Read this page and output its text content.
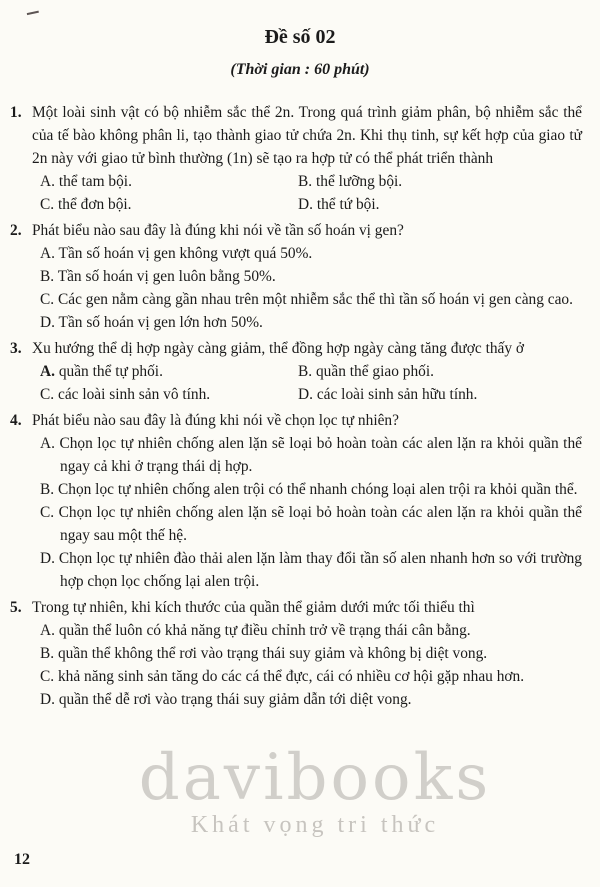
Đề số 02
(Thời gian : 60 phút)
1. Một loài sinh vật có bộ nhiễm sắc thể 2n. Trong quá trình giảm phân, bộ nhiễm sắc thể của tế bào không phân li, tạo thành giao tử chứa 2n. Khi thụ tinh, sự kết hợp của giao tử 2n này với giao tử bình thường (1n) sẽ tạo ra hợp tử có thể phát triển thành
A. thể tam bội.	B. thể lưỡng bội.
C. thể đơn bội.	D. thể tứ bội.
2. Phát biểu nào sau đây là đúng khi nói về tần số hoán vị gen?
A. Tần số hoán vị gen không vượt quá 50%.
B. Tần số hoán vị gen luôn bằng 50%.
C. Các gen nằm càng gần nhau trên một nhiễm sắc thể thì tần số hoán vị gen càng cao.
D. Tần số hoán vị gen lớn hơn 50%.
3. Xu hướng thể dị hợp ngày càng giảm, thể đồng hợp ngày càng tăng được thấy ở
A. quần thể tự phối.	B. quần thể giao phối.
C. các loài sinh sản vô tính.	D. các loài sinh sản hữu tính.
4. Phát biểu nào sau đây là đúng khi nói về chọn lọc tự nhiên?
A. Chọn lọc tự nhiên chống alen lặn sẽ loại bỏ hoàn toàn các alen lặn ra khỏi quần thể ngay cả khi ở trạng thái dị hợp.
B. Chọn lọc tự nhiên chống alen trội có thể nhanh chóng loại alen trội ra khỏi quần thể.
C. Chọn lọc tự nhiên chống alen lặn sẽ loại bỏ hoàn toàn các alen lặn ra khỏi quần thể ngay sau một thế hệ.
D. Chọn lọc tự nhiên đào thải alen lặn làm thay đổi tần số alen nhanh hơn so với trường hợp chọn lọc chống lại alen trội.
5. Trong tự nhiên, khi kích thước của quần thể giảm dưới mức tối thiểu thì
A. quần thể luôn có khả năng tự điều chỉnh trở về trạng thái cân bằng.
B. quần thể không thể rơi vào trạng thái suy giảm và không bị diệt vong.
C. khả năng sinh sản tăng do các cá thể đực, cái có nhiều cơ hội gặp nhau hơn.
D. quần thể dễ rơi vào trạng thái suy giảm dẫn tới diệt vong.
davibooks
Khát vọng tri thức
12
